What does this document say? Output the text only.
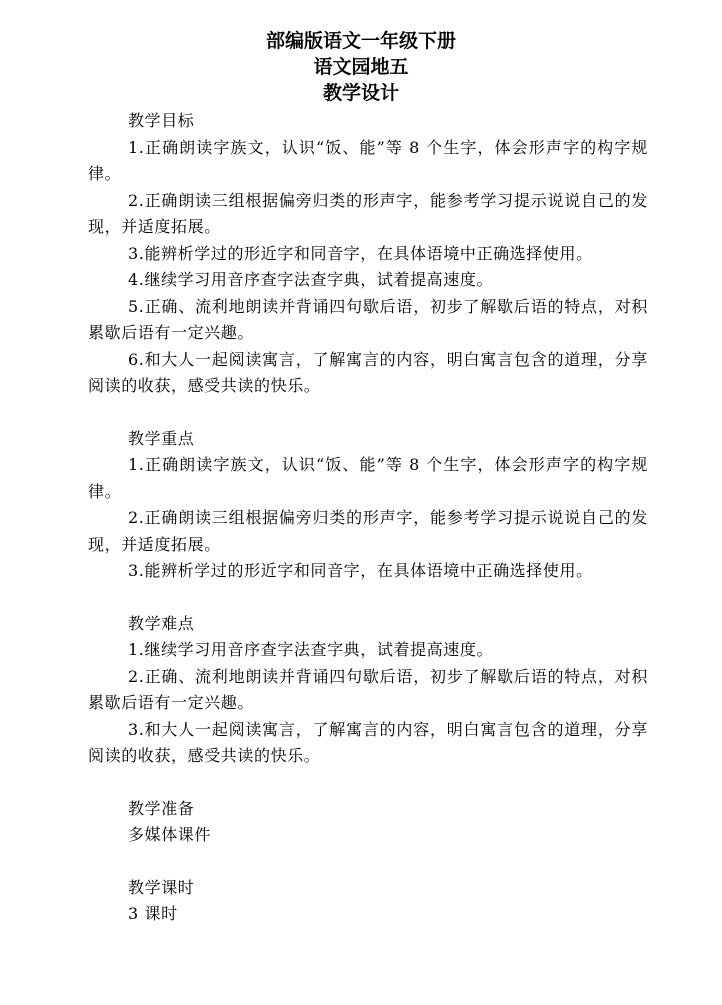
部编版语文一年级下册
语文园地五
教学设计
教学目标

1.正确朗读字族文，认识“饭、能”等 8 个生字，体会形声字的构字规律。

2.正确朗读三组根据偏旁归类的形声字，能参考学习提示说说自己的发现，并适度拓展。

3.能辨析学过的形近字和同音字，在具体语境中正确选择使用。

4.继续学习用音序查字法查字典，试着提高速度。

5.正确、流利地朗读并背诵四句歇后语，初步了解歇后语的特点，对积累歇后语有一定兴趣。

6.和大人一起阅读寓言，了解寓言的内容，明白寓言包含的道理，分享阅读的收获，感受共读的快乐。

教学重点

1.正确朗读字族文，认识“饭、能”等 8 个生字，体会形声字的构字规律。

2.正确朗读三组根据偏旁归类的形声字，能参考学习提示说说自己的发现，并适度拓展。

3.能辨析学过的形近字和同音字，在具体语境中正确选择使用。

教学难点

1.继续学习用音序查字法查字典，试着提高速度。

2.正确、流利地朗读并背诵四句歇后语，初步了解歇后语的特点，对积累歇后语有一定兴趣。

3.和大人一起阅读寓言，了解寓言的内容，明白寓言包含的道理，分享阅读的收获，感受共读的快乐。

教学准备
多媒体课件
教学课时
3 课时
